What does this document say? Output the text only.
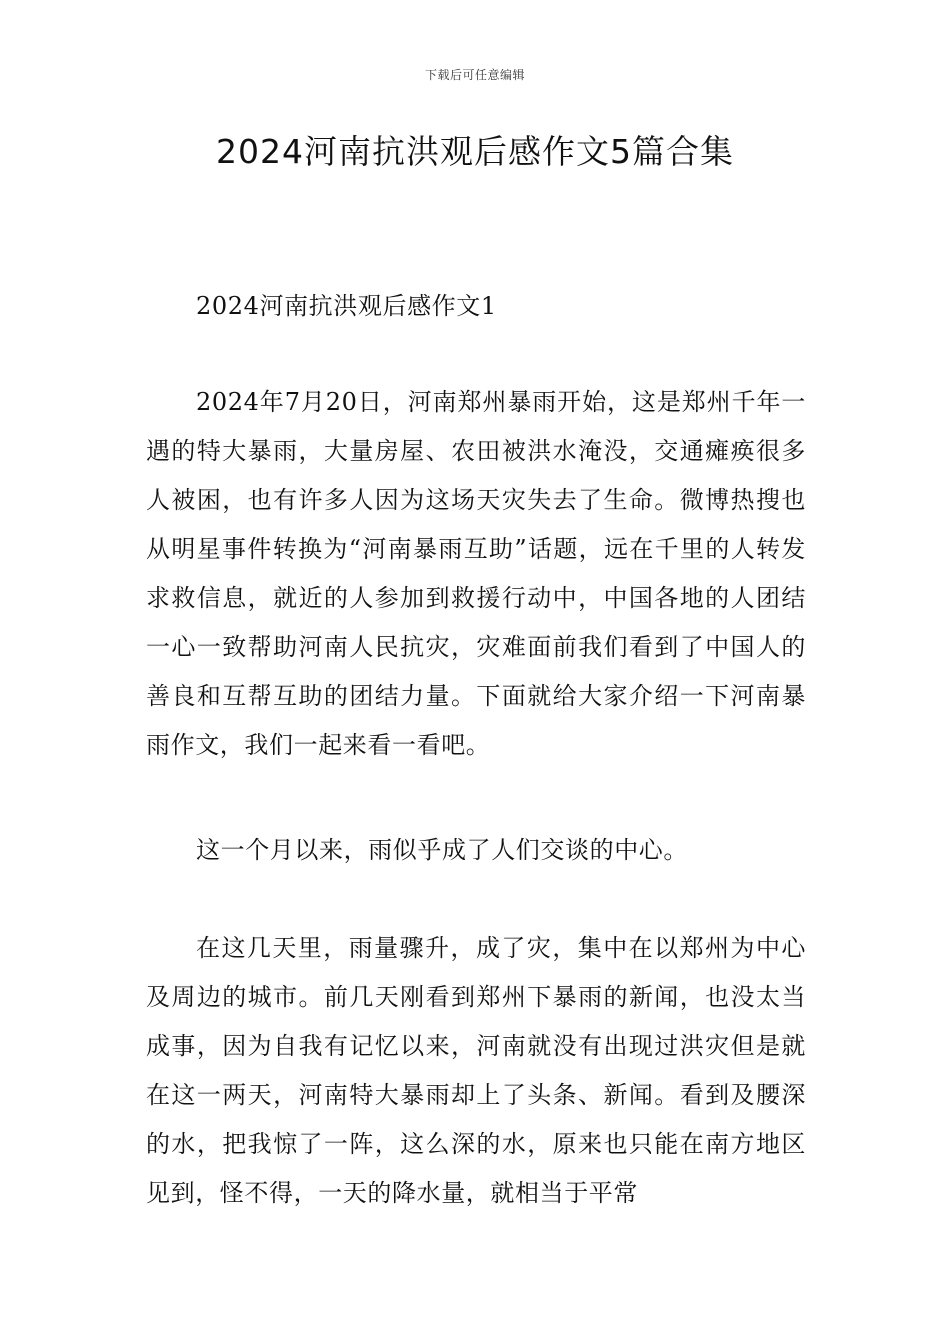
下载后可任意编辑
2024河南抗洪观后感作文5篇合集

2024河南抗洪观后感作文1

2024年7月20日，河南郑州暴雨开始，这是郑州千年一遇的特大暴雨，大量房屋、农田被洪水淹没，交通瘫痪很多人被困，也有许多人因为这场天灾失去了生命。微博热搜也从明星事件转换为“河南暴雨互助”话题，远在千里的人转发求救信息，就近的人参加到救援行动中，中国各地的人团结一心一致帮助河南人民抗灾，灾难面前我们看到了中国人的善良和互帮互助的团结力量。下面就给大家介绍一下河南暴雨作文，我们一起来看一看吧。

这一个月以来，雨似乎成了人们交谈的中心。

在这几天里，雨量骤升，成了灾，集中在以郑州为中心及周边的城市。前几天刚看到郑州下暴雨的新闻，也没太当成事，因为自我有记忆以来，河南就没有出现过洪灾但是就在这一两天，河南特大暴雨却上了头条、新闻。看到及腰深的水，把我惊了一阵，这么深的水，原来也只能在南方地区见到，怪不得，一天的降水量，就相当于平常
